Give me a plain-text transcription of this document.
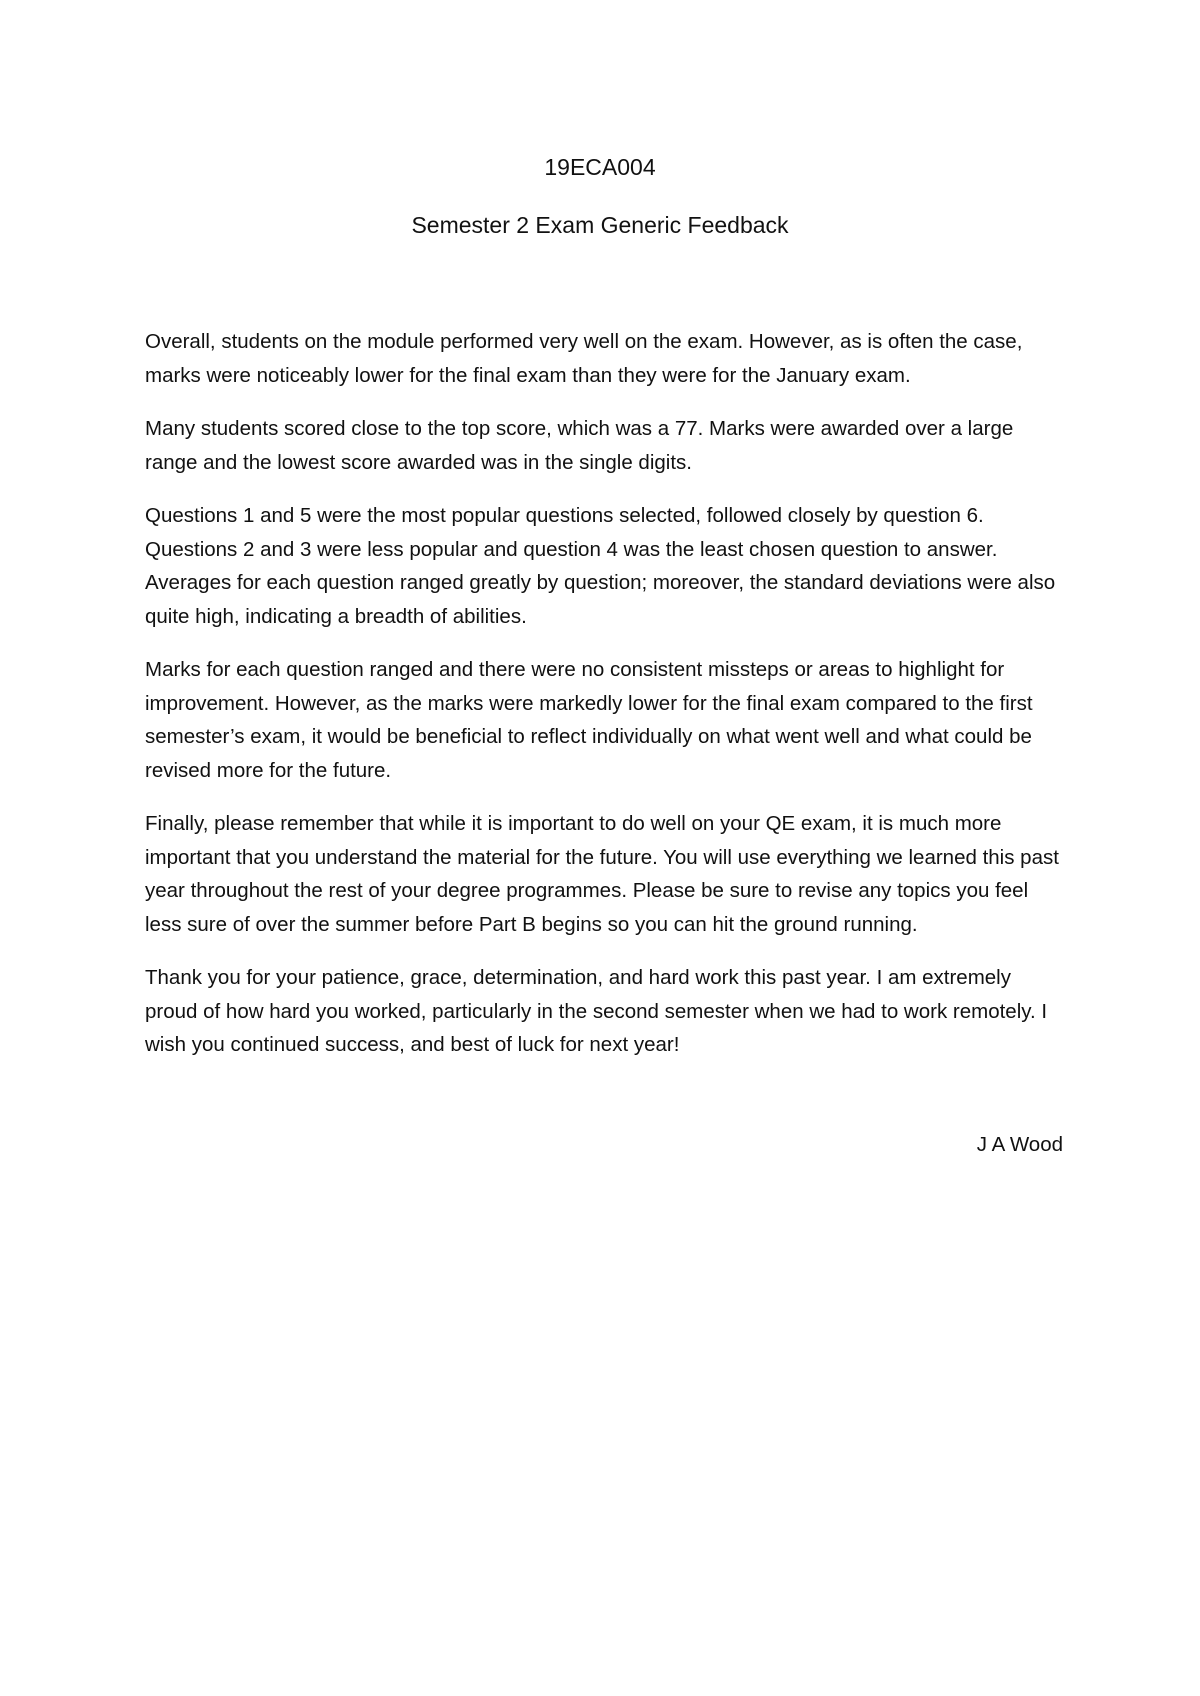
19ECA004
Semester 2 Exam Generic Feedback

Overall, students on the module performed very well on the exam. However, as is often the case, marks were noticeably lower for the final exam than they were for the January exam.

Many students scored close to the top score, which was a 77. Marks were awarded over a large range and the lowest score awarded was in the single digits.

Questions 1 and 5 were the most popular questions selected, followed closely by question 6. Questions 2 and 3 were less popular and question 4 was the least chosen question to answer. Averages for each question ranged greatly by question; moreover, the standard deviations were also quite high, indicating a breadth of abilities.

Marks for each question ranged and there were no consistent missteps or areas to highlight for improvement. However, as the marks were markedly lower for the final exam compared to the first semester’s exam, it would be beneficial to reflect individually on what went well and what could be revised more for the future.

Finally, please remember that while it is important to do well on your QE exam, it is much more important that you understand the material for the future. You will use everything we learned this past year throughout the rest of your degree programmes. Please be sure to revise any topics you feel less sure of over the summer before Part B begins so you can hit the ground running.

Thank you for your patience, grace, determination, and hard work this past year. I am extremely proud of how hard you worked, particularly in the second semester when we had to work remotely. I wish you continued success, and best of luck for next year!

J A Wood
